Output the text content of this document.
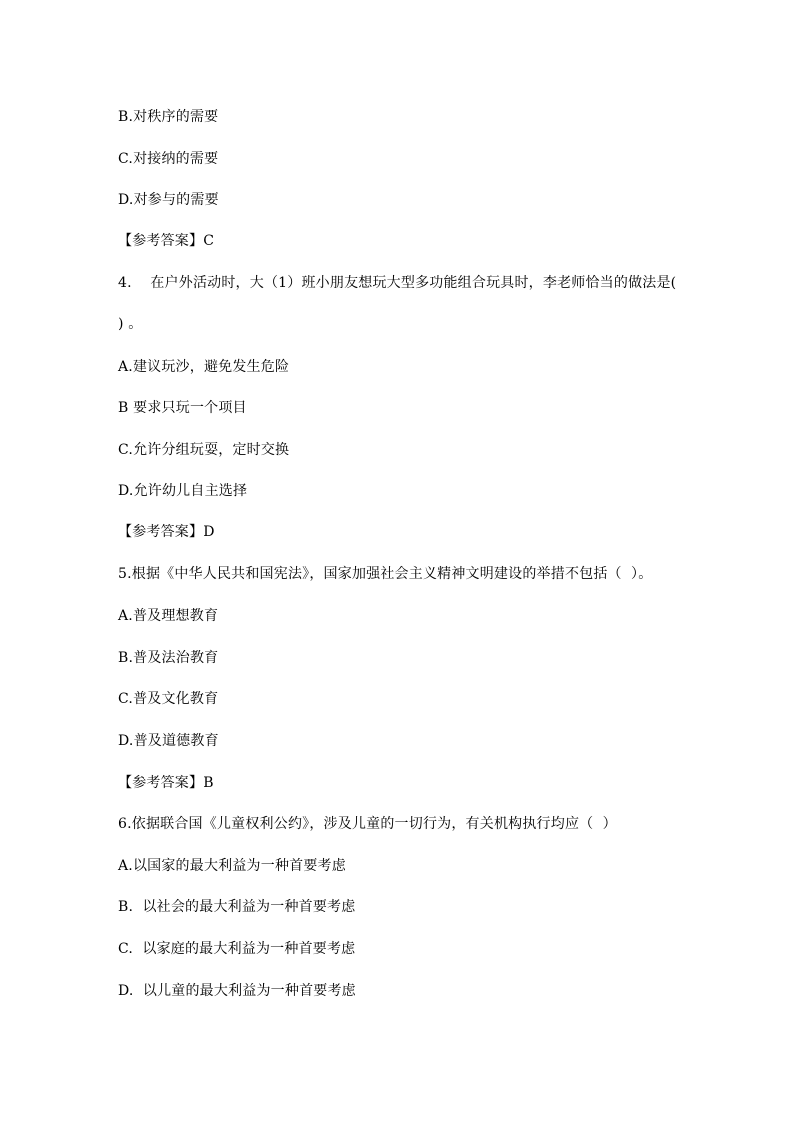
B.对秩序的需要
C.对接纳的需要
D.对参与的需要
【参考答案】C
4.    在户外活动时，大（1）班小朋友想玩大型多功能组合玩具时，李老师恰当的做法是(
) 。
A.建议玩沙，避免发生危险
B 要求只玩一个项目
C.允许分组玩耍，定时交换
D.允许幼儿自主选择
【参考答案】D
5.根据《中华人民共和国宪法》，国家加强社会主义精神文明建设的举措不包括（  ）。
A.普及理想教育
B.普及法治教育
C.普及文化教育
D.普及道德教育
【参考答案】B
6.依据联合国《儿童权利公约》，涉及儿童的一切行为，有关机构执行均应（  ）
A.以国家的最大利益为一种首要考虑
B.  以社会的最大利益为一种首要考虑
C.  以家庭的最大利益为一种首要考虑
D.  以儿童的最大利益为一种首要考虑
